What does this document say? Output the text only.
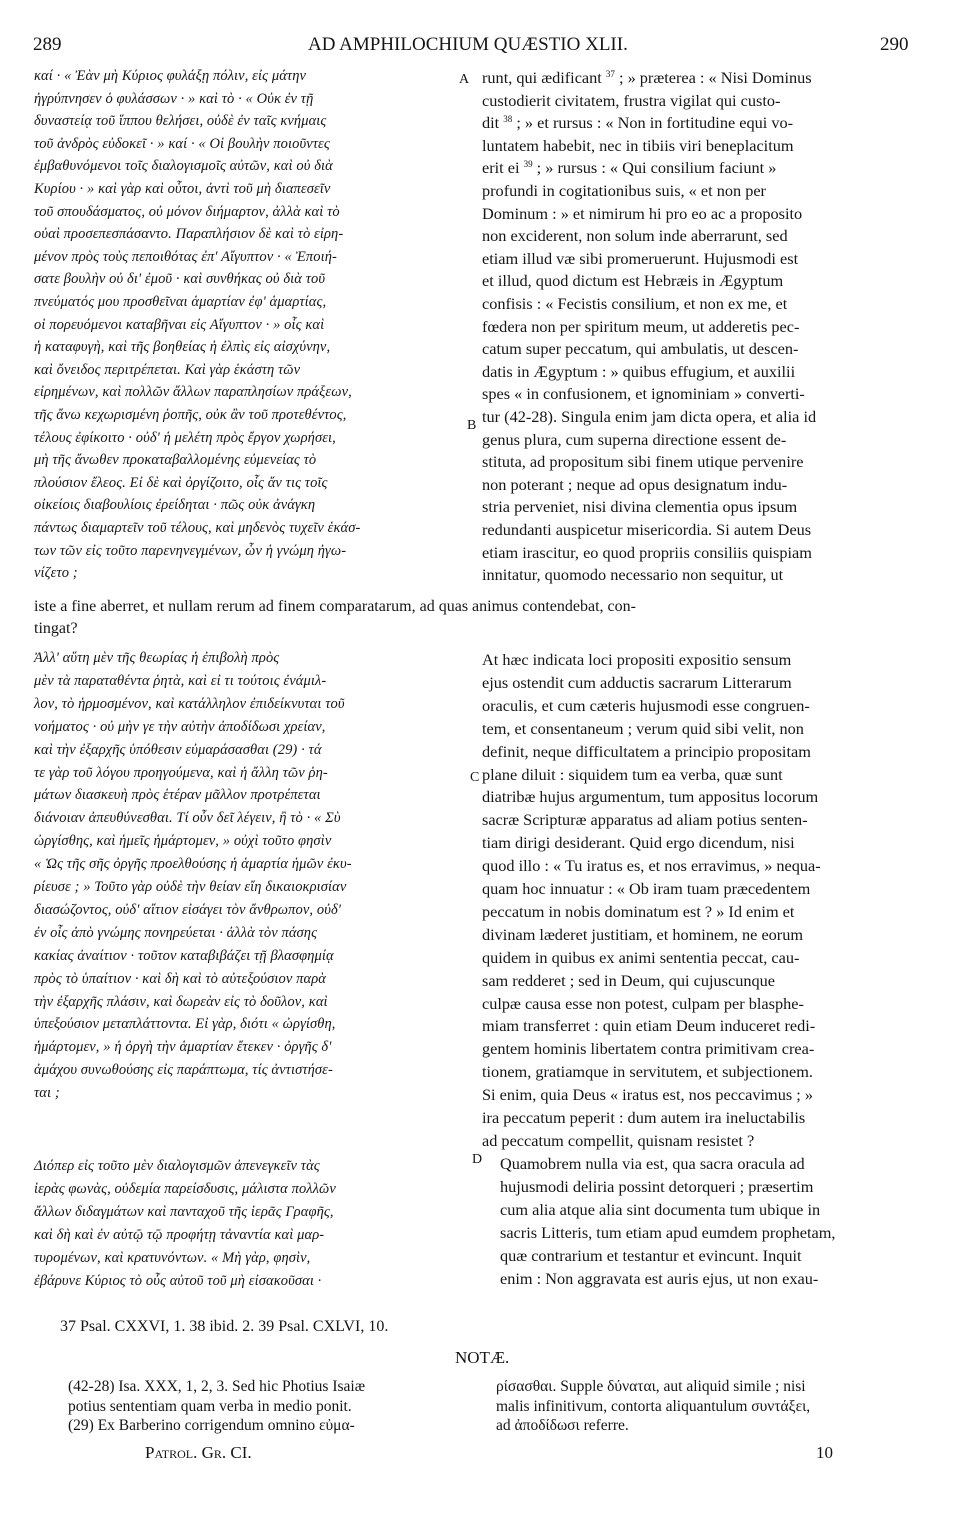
289	AD AMPHILOCHIUM QUÆSTIO XLII.	290
A
B
C
D
καί · « Ἐὰν μὴ Κύριος φυλάξῃ πόλιν, εἰς μάτην
ἠγρύπνησεν ὁ φυλάσσων · » καὶ τὸ · « Οὐκ ἐν τῇ
δυναστείᾳ τοῦ ἵππου θελήσει, οὐδὲ ἐν ταῖς κνήμαις
τοῦ ἀνδρὸς εὐδοκεῖ · » καί · « Οἱ βουλὴν ποιοῦντες
ἐμβαθυνόμενοι τοῖς διαλογισμοῖς αὐτῶν, καὶ οὐ διὰ
Κυρίου · » καὶ γὰρ καὶ οὗτοι, ἀντὶ τοῦ μὴ διαπεσεῖν
τοῦ σπουδάσματος, οὐ μόνον διήμαρτον, ἀλλὰ καὶ τὸ
οὐαὶ προσεπεσπάσαντο. Παραπλήσιον δὲ καὶ τὸ εἰρη-
μένον πρὸς τοὺς πεποιθότας ἐπ' Αἴγυπτον · « Ἐποιή-
σατε βουλὴν οὐ δι' ἐμοῦ · καὶ συνθήκας οὐ διὰ τοῦ
πνεύματός μου προσθεῖναι ἁμαρτίαν ἐφ' ἁμαρτίας,
οἱ πορευόμενοι καταβῆναι εἰς Αἴγυπτον · » οἷς καὶ
ἡ καταφυγὴ, καὶ τῆς βοηθείας ἡ ἐλπὶς εἰς αἰσχύνην,
καὶ ὄνειδος περιτρέπεται. Καὶ γὰρ ἑκάστη τῶν
εἰρημένων, καὶ πολλῶν ἄλλων παραπλησίων πράξεων,
τῆς ἄνω κεχωρισμένη ῥοπῆς, οὐκ ἂν τοῦ προτεθέντος,
τέλους ἐφίκοιτο · οὐδ' ἡ μελέτη πρὸς ἔργον χωρήσει,
μὴ τῆς ἄνωθεν προκαταβαλλομένης εὐμενείας τὸ
πλούσιον ἔλεος. Εἰ δὲ καὶ ὀργίζοιτο, οἷς ἄν τις τοῖς
οἰκείοις διαβουλίοις ἐρείδηται · πῶς οὐκ ἀνάγκη
πάντως διαμαρτεῖν τοῦ τέλους, καὶ μηδενὸς τυχεῖν ἑκάσ-
των τῶν εἰς τοῦτο παρενηνεγμένων, ὧν ἡ γνώμη ἠγω-
νίζετο ;
runt, qui ædificant $^{37}$ ; » præterea : « Nisi Dominus
custodierit civitatem, frustra vigilat qui custo-
dit $^{38}$ ; » et rursus : « Non in fortitudine equi vo-
luntatem habebit, nec in tibiis viri beneplacitum
erit ei $^{39}$ ; » rursus : « Qui consilium faciunt »
profundi in cogitationibus suis, « et non per
Dominum : » et nimirum hi pro eo ac a proposito
non exciderent, non solum inde aberrarunt, sed
etiam illud væ sibi promeruerunt. Hujusmodi est
et illud, quod dictum est Hebræis in Ægyptum
confisis : « Fecistis consilium, et non ex me, et
fœdera non per spiritum meum, ut adderetis pec-
catum super peccatum, qui ambulatis, ut descen-
datis in Ægyptum : » quibus effugium, et auxilii
spes « in confusionem, et ignominiam » converti-
tur (42-28). Singula enim jam dicta opera, et alia id
genus plura, cum superna directione essent de-
stituta, ad propositum sibi finem utique pervenire
non poterant ; neque ad opus designatum indu-
stria perveniet, nisi divina clementia opus ipsum
redundanti auspicetur misericordia. Si autem Deus
etiam irascitur, eo quod propriis consiliis quispiam
innitatur, quomodo necessario non sequitur, ut
iste a fine aberret, et nullam rerum ad finem comparatarum, ad quas animus contendebat, con-
tingat?
Ἀλλ' αὕτη μὲν τῆς θεωρίας ἡ ἐπιβολὴ πρὸς
μὲν τὰ παραταθέντα ῥητὰ, καὶ εἰ τι τούτοις ἐνάμιλ-
λον, τὸ ἡρμοσμένον, καὶ κατάλληλον ἐπιδείκνυται τοῦ
νοήματος · οὐ μὴν γε τὴν αὐτὴν ἀποδίδωσι χρείαν,
καὶ τὴν ἐξαρχῆς ὑπόθεσιν εὐμαράσασθαι (29) · τά
τε γὰρ τοῦ λόγου προηγούμενα, καὶ ἡ ἄλλη τῶν ῥη-
μάτων διασκευὴ πρὸς ἑτέραν μᾶλλον προτρέπεται
διάνοιαν ἀπευθύνεσθαι. Τί οὖν δεῖ λέγειν, ἢ τὸ · « Σὺ
ὠργίσθης, καὶ ἡμεῖς ἡμάρτομεν, » οὐχὶ τοῦτο φησὶν
« Ὡς τῆς σῆς ὀργῆς προελθούσης ἡ ἁμαρτία ἡμῶν ἐκυ-
ρίευσε ; » Τοῦτο γὰρ οὐδὲ τὴν θείαν εἴη δικαιοκρισίαν
διασώζοντος, οὐδ' αἴτιον εἰσάγει τὸν ἄνθρωπον, οὐδ'
ἐν οἷς ἀπὸ γνώμης πονηρεύεται · ἀλλὰ τὸν πάσης
κακίας ἀναίτιον · τοῦτον καταβιβάζει τῇ βλασφημίᾳ
πρὸς τὸ ὑπαίτιον · καὶ δὴ καὶ τὸ αὐτεξούσιον παρὰ
τὴν ἐξαρχῆς πλάσιν, καὶ δωρεὰν εἰς τὸ δοῦλον, καὶ
ὑπεξούσιον μεταπλάττοντα. Εἰ γὰρ, διότι « ὠργίσθη,
ἡμάρτομεν, » ἡ ὀργὴ τὴν ἁμαρτίαν ἔτεκεν · ὀργῆς δ'
ἀμάχου συνωθούσης εἰς παράπτωμα, τίς ἀντιστήσε-
ται ;
At hæc indicata loci propositi expositio sensum
ejus ostendit cum adductis sacrarum Litterarum
oraculis, et cum cæteris hujusmodi esse congruen-
tem, et consentaneum ; verum quid sibi velit, non
definit, neque difficultatem a principio propositam
plane diluit : siquidem tum ea verba, quæ sunt
diatribæ hujus argumentum, tum appositus locorum
sacræ Scripturæ apparatus ad aliam potius senten-
tiam dirigi desiderant. Quid ergo dicendum, nisi
quod illo : « Tu iratus es, et nos erravimus, » nequa-
quam hoc innuatur : « Ob iram tuam præcedentem
peccatum in nobis dominatum est ? » Id enim et
divinam læderet justitiam, et hominem, ne eorum
quidem in quibus ex animi sententia peccat, cau-
sam redderet ; sed in Deum, qui cujuscunque
culpæ causa esse non potest, culpam per blasphe-
miam transferret : quin etiam Deum induceret redi-
gentem hominis libertatem contra primitivam crea-
tionem, gratiamque in servitutem, et subjectionem.
Si enim, quia Deus « iratus est, nos peccavimus ; »
ira peccatum peperit : dum autem ira ineluctabilis
ad peccatum compellit, quisnam resistet ?
Διόπερ εἰς τοῦτο μὲν διαλογισμῶν ἀπενεγκεῖν τὰς
ἱερὰς φωνὰς, οὐδεμία παρείσδυσις, μάλιστα πολλῶν
ἄλλων διδαγμάτων καὶ πανταχοῦ τῆς ἱερᾶς Γραφῆς,
καὶ δὴ καὶ ἐν αὐτῷ τῷ προφήτῃ τἀναντία καὶ μαρ-
τυρομένων, καὶ κρατυνόντων. « Μὴ γὰρ, φησὶν,
ἐβάρυνε Κύριος τὸ οὖς αὐτοῦ τοῦ μὴ εἰσακοῦσαι ·
Quamobrem nulla via est, qua sacra oracula ad
hujusmodi deliria possint detorqueri ; præsertim
cum alia atque alia sint documenta tum ubique in
sacris Litteris, tum etiam apud eumdem prophetam,
quæ contrarium et testantur et evincunt. Inquit
enim : Non aggravata est auris ejus, ut non exau-
37 Psal. CXXVI, 1. 38 ibid. 2. 39 Psal. CXLVI, 10.
NOTÆ.
(42-28) Isa. XXX, 1, 2, 3. Sed hic Photius Isaiæ
potius sententiam quam verba in medio ponit.
(29) Ex Barberino corrigendum omnino εὐμα-
ρίσασθαι. Supple δύναται, aut aliquid simile ; nisi
malis infinitivum, contorta aliquantulum συντάξει,
ad ἀποδίδωσι referre.
Patrol. Gr. CI.	10
